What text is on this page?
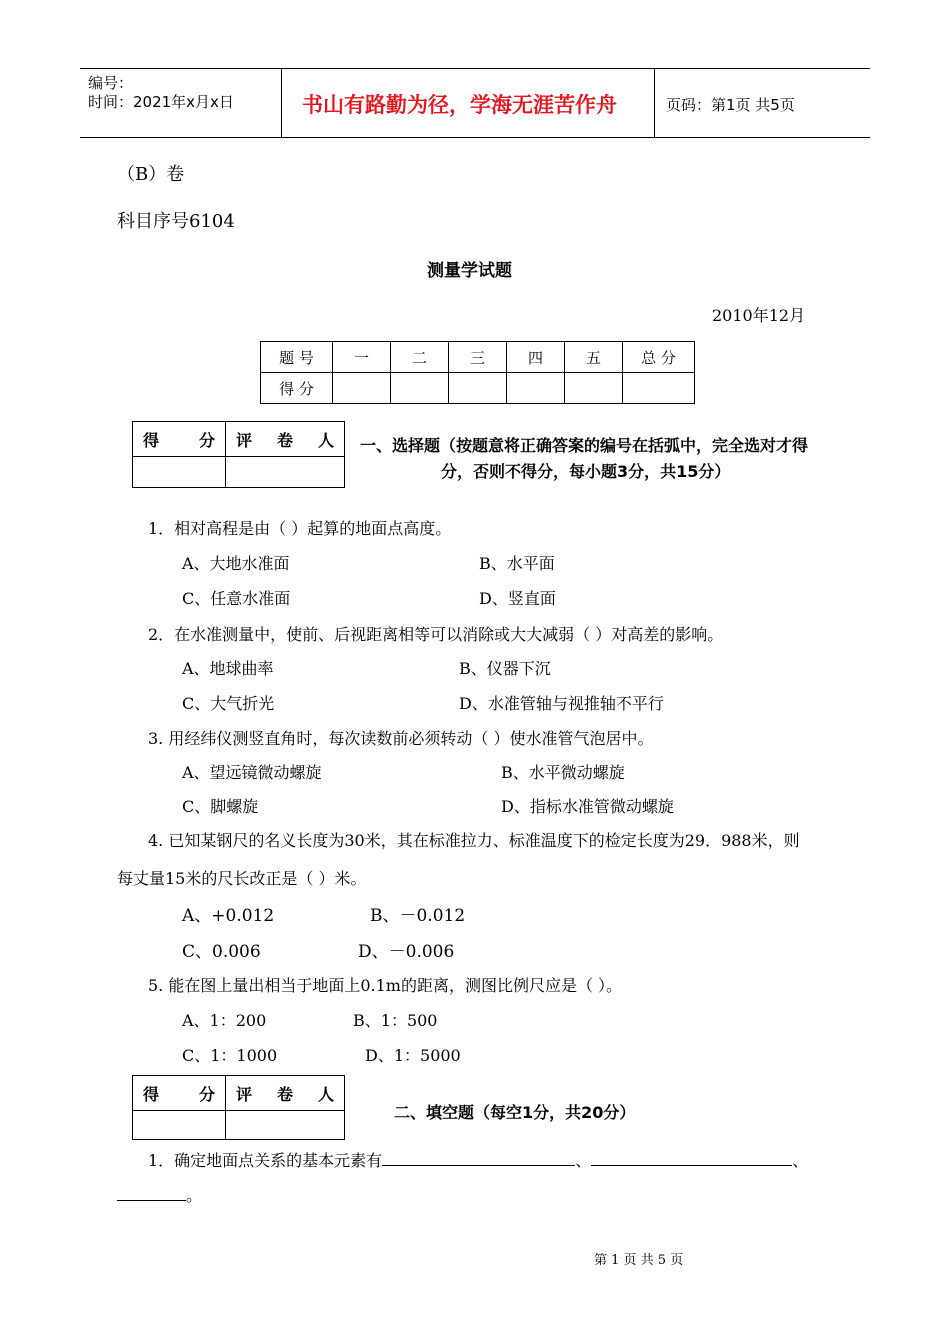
编号：
时间：2021年x月x日	书山有路勤为径，学海无涯苦作舟	页码：第1页 共5页
（B）卷
科目序号6104
测量学试题
2010年12月
题 号	一	二	三	四	五	总 分
得 分						
得 分	评 卷 人

	一、选择题（按题意将正确答案的编号在括弧中，完全选对才得
分，否则不得分，每小题3分，共15分）
1．相对高程是由（ ）起算的地面点高度。
A、大地水准面	B、水平面
C、任意水准面	D、竖直面
2．在水准测量中，使前、后视距离相等可以消除或大大减弱（ ）对高差的影响。
A、地球曲率	B、仪器下沉
C、大气折光	D、水准管轴与视推轴不平行
3. 用经纬仪测竖直角时，每次读数前必须转动（ ）使水准管气泡居中。
A、望远镜微动螺旋	B、水平微动螺旋
C、脚螺旋	D、指标水准管微动螺旋
4. 已知某钢尺的名义长度为30米，其在标准拉力、标准温度下的检定长度为29．988米，则
每丈量15米的尺长改正是（ ）米。
A、+0.012	B、－0.012
C、0.006	D、－0.006
5. 能在图上量出相当于地面上0.1m的距离，测图比例尺应是（ ）。
A、1：200	B、1：500
C、1：1000	D、1：5000
得 分	评 卷 人

二、填空题（每空1分，共20分）
1．确定地面点关系的基本元素有	、	、
。
第 1 页 共 5 页
